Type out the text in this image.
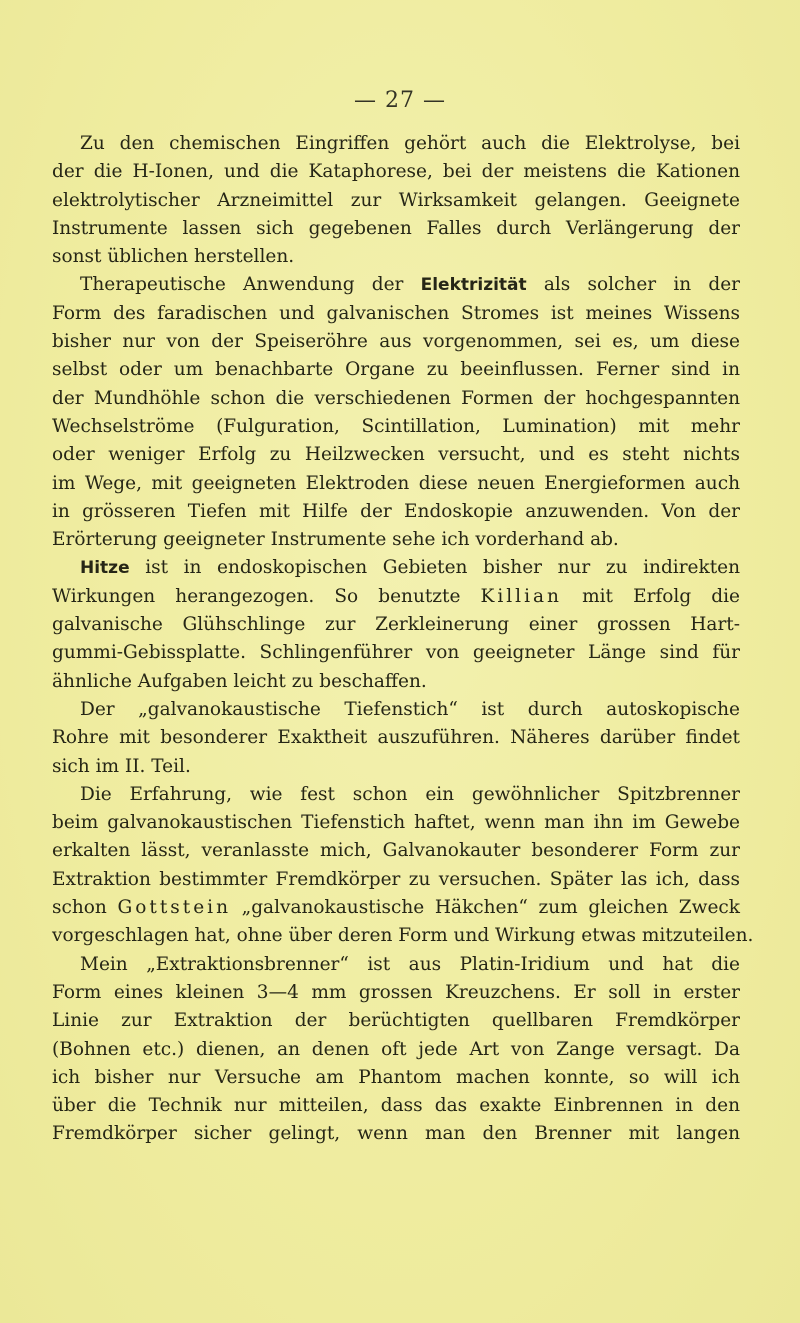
— 27 —

Zu den chemischen Eingriffen gehört auch die Elektrolyse, bei
der die H-Ionen, und die Kataphorese, bei der meistens die Kationen
elektrolytischer Arzneimittel zur Wirksamkeit gelangen. Geeignete
Instrumente lassen sich gegebenen Falles durch Verlängerung der
sonst üblichen herstellen.

Therapeutische Anwendung der Elektrizität als solcher in der
Form des faradischen und galvanischen Stromes ist meines Wissens
bisher nur von der Speiseröhre aus vorgenommen, sei es, um diese
selbst oder um benachbarte Organe zu beeinflussen. Ferner sind in
der Mundhöhle schon die verschiedenen Formen der hochgespannten
Wechselströme (Fulguration, Scintillation, Lumination) mit mehr
oder weniger Erfolg zu Heilzwecken versucht, und es steht nichts
im Wege, mit geeigneten Elektroden diese neuen Energieformen auch
in grösseren Tiefen mit Hilfe der Endoskopie anzuwenden. Von der
Erörterung geeigneter Instrumente sehe ich vorderhand ab.

Hitze ist in endoskopischen Gebieten bisher nur zu indirekten
Wirkungen herangezogen. So benutzte Killian mit Erfolg die
galvanische Glühschlinge zur Zerkleinerung einer grossen Hart-
gummi-Gebissplatte. Schlingenführer von geeigneter Länge sind für
ähnliche Aufgaben leicht zu beschaffen.

Der „galvanokaustische Tiefenstich“ ist durch autoskopische
Rohre mit besonderer Exaktheit auszuführen. Näheres darüber findet
sich im II. Teil.

Die Erfahrung, wie fest schon ein gewöhnlicher Spitzbrenner
beim galvanokaustischen Tiefenstich haftet, wenn man ihn im Gewebe
erkalten lässt, veranlasste mich, Galvanokauter besonderer Form zur
Extraktion bestimmter Fremdkörper zu versuchen. Später las ich, dass
schon Gottstein „galvanokaustische Häkchen“ zum gleichen Zweck
vorgeschlagen hat, ohne über deren Form und Wirkung etwas mitzuteilen.

Mein „Extraktionsbrenner“ ist aus Platin-Iridium und hat die
Form eines kleinen 3—4 mm grossen Kreuzchens. Er soll in erster
Linie zur Extraktion der berüchtigten quellbaren Fremdkörper
(Bohnen etc.) dienen, an denen oft jede Art von Zange versagt. Da
ich bisher nur Versuche am Phantom machen konnte, so will ich
über die Technik nur mitteilen, dass das exakte Einbrennen in den
Fremdkörper sicher gelingt, wenn man den Brenner mit langen
